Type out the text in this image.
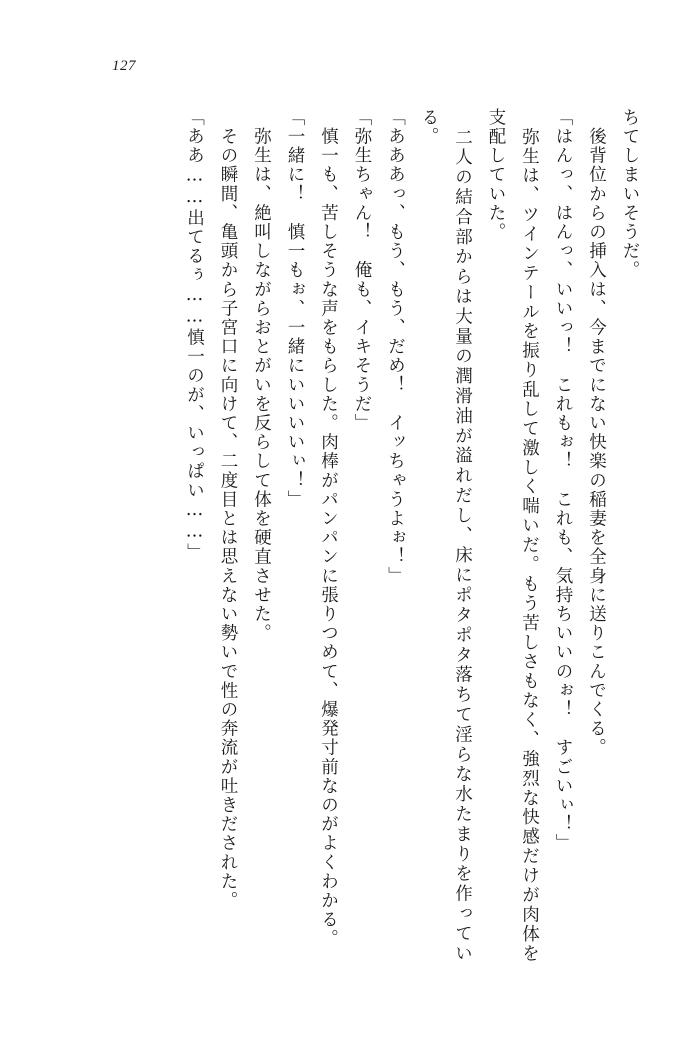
127

ちてしまいそうだ。

　後背位からの挿入は、今までにない快楽の稲妻を全身に送りこんでくる。

「はんっ、はんっ、いいっ！　これもぉ！　これも、気持ちいいのぉ！　すごいぃ！」

　弥生は、ツインテールを振り乱して激しく喘いだ。もう苦しさもなく、強烈な快感だけが肉体を支配していた。

　二人の結合部からは大量の潤滑油が溢れだし、床にポタポタ落ちて淫らな水たまりを作っている。

「あああっ、もう、もう、だめ！　イッちゃうよぉ！」

「弥生ちゃん！　俺も、イキそうだ」

　慎一も、苦しそうな声をもらした。肉棒がパンパンに張りつめて、爆発寸前なのがよくわかる。

「一緒に！　慎一もぉ、一緒にいいいいぃ！」

　弥生は、絶叫しながらおとがいを反らして体を硬直させた。

　その瞬間、亀頭から子宮口に向けて、二度目とは思えない勢いで性の奔流が吐きだされた。

「ああ……出てるぅ……慎一のが、いっぱい……」
